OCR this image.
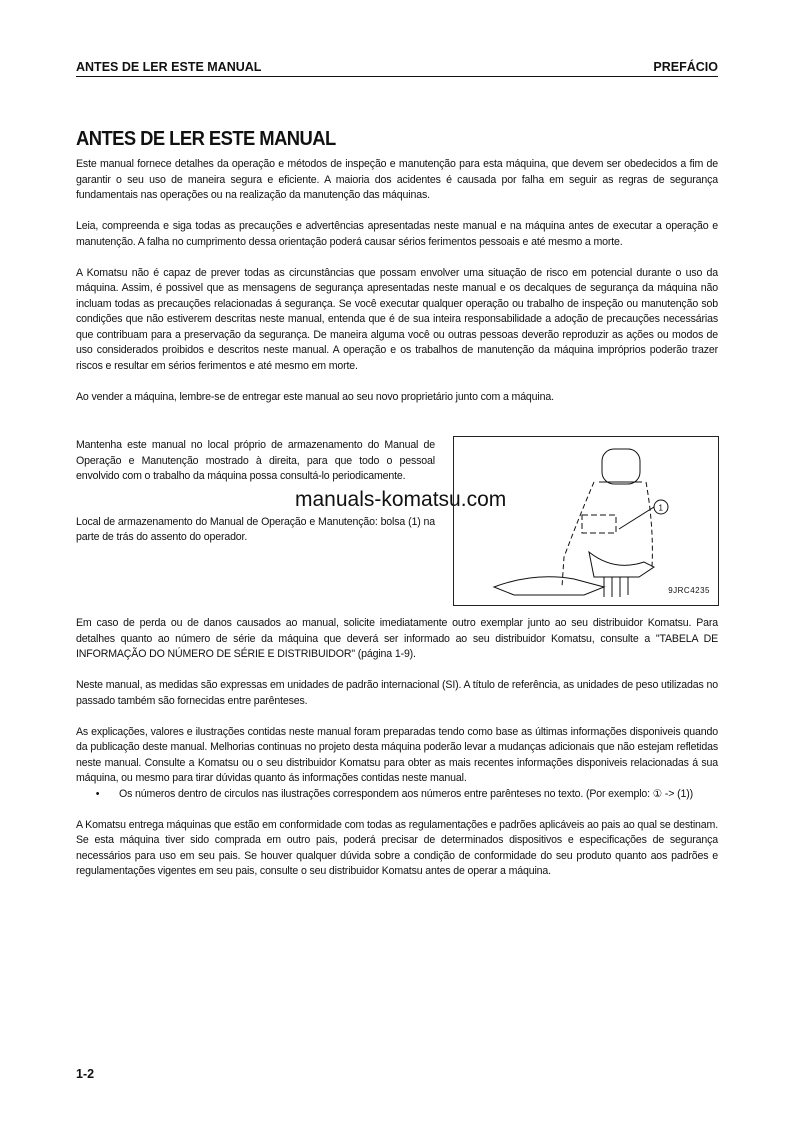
ANTES DE LER ESTE MANUAL	PREFÁCIO
ANTES DE LER ESTE MANUAL

Este manual fornece detalhes da operação e métodos de inspeção e manutenção para esta máquina, que devem ser obedecidos a fim de garantir o seu uso de maneira segura e eficiente. A maioria dos acidentes é causada por falha em seguir as regras de segurança fundamentais nas operações ou na realização da manutenção das máquinas.

Leia, compreenda e siga todas as precauções e advertências apresentadas neste manual e na máquina antes de executar a operação e manutenção. A falha no cumprimento dessa orientação poderá causar sérios ferimentos pessoais e até mesmo a morte.

A Komatsu não é capaz de prever todas as circunstâncias que possam envolver uma situação de risco em potencial durante o uso da máquina. Assim, é possivel que as mensagens de segurança apresentadas neste manual e os decalques de segurança da máquina não incluam todas as precauções relacionadas á segurança. Se você executar qualquer operação ou trabalho de inspeção ou manutenção sob condições que não estiverem descritas neste manual, entenda que é de sua inteira responsabilidade a adoção de precauções necessárias que contribuam para a preservação da segurança. De maneira alguma você ou outras pessoas deverão reproduzir as ações ou modos de uso considerados proibidos e descritos neste manual. A operação e os trabalhos de manutenção da máquina impróprios poderão trazer riscos e resultar em sérios ferimentos e até mesmo em morte.

Ao vender a máquina, lembre-se de entregar este manual ao seu novo proprietário junto com a máquina.

Mantenha este manual no local próprio de armazenamento do Manual de Operação e Manutenção mostrado à direita, para que todo o pessoal envolvido com o trabalho da máquina possa consultá-lo periodicamente.

manuals-komatsu.com

Local de armazenamento do Manual de Operação e Manutenção: bolsa (1) na parte de trás do assento do operador.

1
9JRC4235

Em caso de perda ou de danos causados ao manual, solicite imediatamente outro exemplar junto ao seu distribuidor Komatsu. Para detalhes quanto ao número de série da máquina que deverá ser informado ao seu distribuidor Komatsu, consulte a "TABELA DE INFORMAÇÃO DO NÚMERO DE SÉRIE E DISTRIBUIDOR" (página 1-9).

Neste manual, as medidas são expressas em unidades de padrão internacional (SI). A título de referência, as unidades de peso utilizadas no passado também são fornecidas entre parênteses.

As explicações, valores e ilustrações contidas neste manual foram preparadas tendo como base as últimas informações disponiveis quando da publicação deste manual. Melhorias continuas no projeto desta máquina poderão levar a mudanças adicionais que não estejam refletidas neste manual. Consulte a Komatsu ou o seu distribuidor Komatsu para obter as mais recentes informações disponiveis relacionadas á sua máquina, ou mesmo para tirar dúvidas quanto ás informações contidas neste manual.

•	Os números dentro de circulos nas ilustrações correspondem aos números entre parênteses no texto. (Por exemplo: ① -> (1))

A Komatsu entrega máquinas que estão em conformidade com todas as regulamentações e padrões aplicáveis ao pais ao qual se destinam. Se esta máquina tiver sido comprada em outro pais, poderá precisar de determinados dispositivos e especificações de segurança necessários para uso em seu pais. Se houver qualquer dúvida sobre a condição de conformidade do seu produto quanto aos padrões e regulamentações vigentes em seu pais, consulte o seu distribuidor Komatsu antes de operar a máquina.

1-2
